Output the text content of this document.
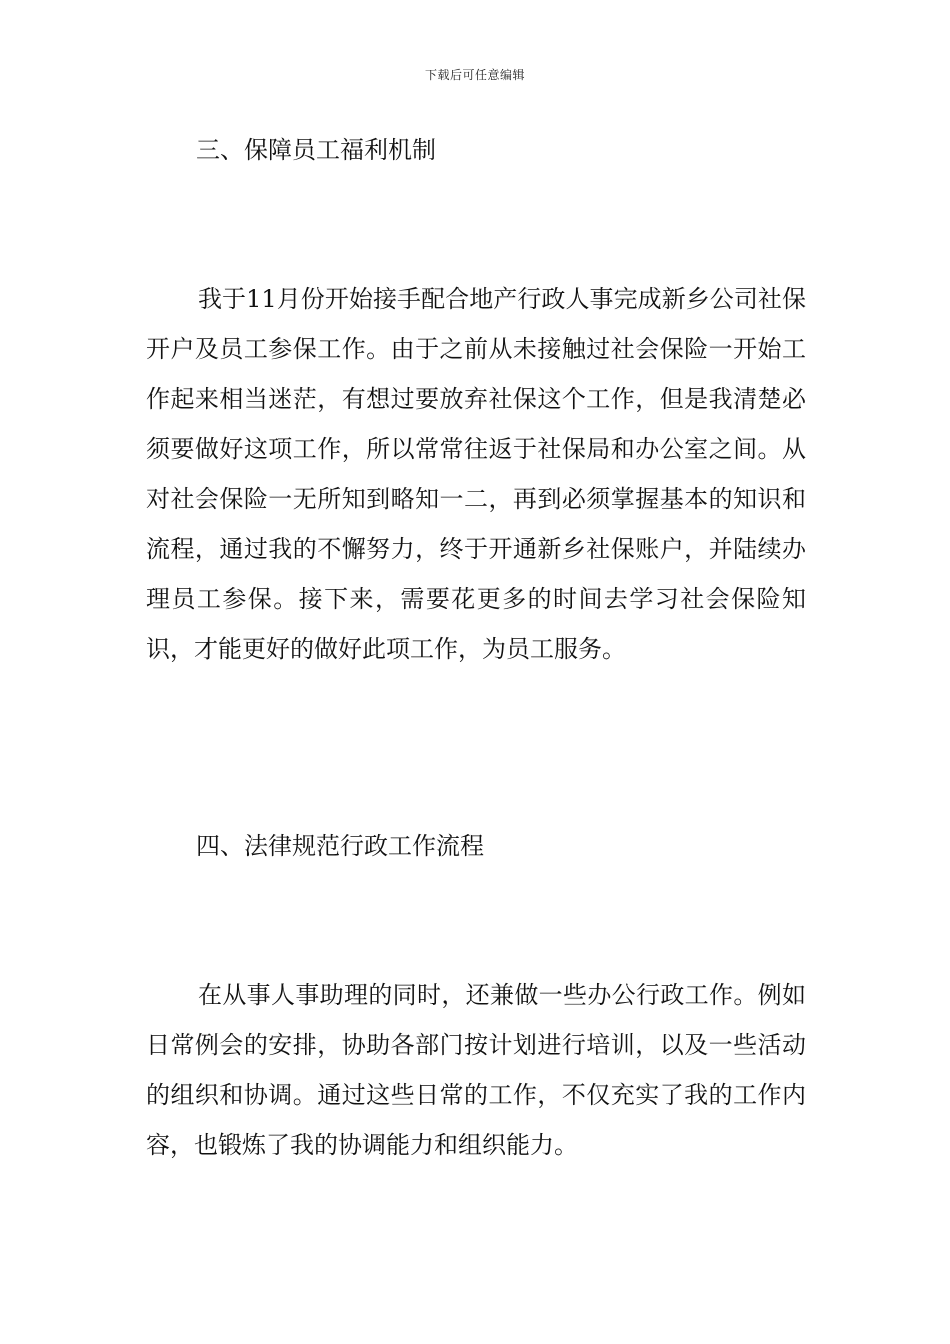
下载后可任意编辑
三、保障员工福利机制

我于11月份开始接手配合地产行政人事完成新乡公司社保开户及员工参保工作。由于之前从未接触过社会保险一开始工作起来相当迷茫，有想过要放弃社保这个工作，但是我清楚必须要做好这项工作，所以常常往返于社保局和办公室之间。从对社会保险一无所知到略知一二，再到必须掌握基本的知识和流程，通过我的不懈努力，终于开通新乡社保账户，并陆续办理员工参保。接下来，需要花更多的时间去学习社会保险知识，才能更好的做好此项工作，为员工服务。

四、法律规范行政工作流程

在从事人事助理的同时，还兼做一些办公行政工作。例如日常例会的安排，协助各部门按计划进行培训，以及一些活动的组织和协调。通过这些日常的工作，不仅充实了我的工作内容，也锻炼了我的协调能力和组织能力。
